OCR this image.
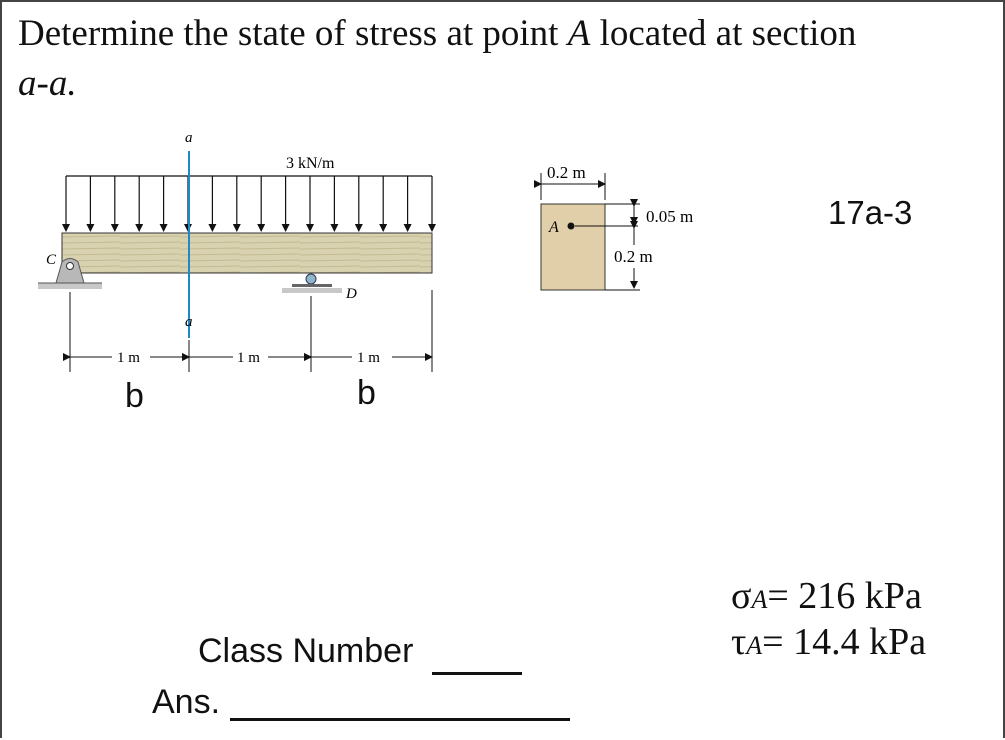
Determine the state of stress at point A located at section
a-a.
3 kN/m
a
a
C
D
1 m	1 m	1 m
0.2 m
A
0.05 m
0.2 m
17a-3
b	b
σA= 216 kPa
τA= 14.4 kPa
Class Number
Ans.
